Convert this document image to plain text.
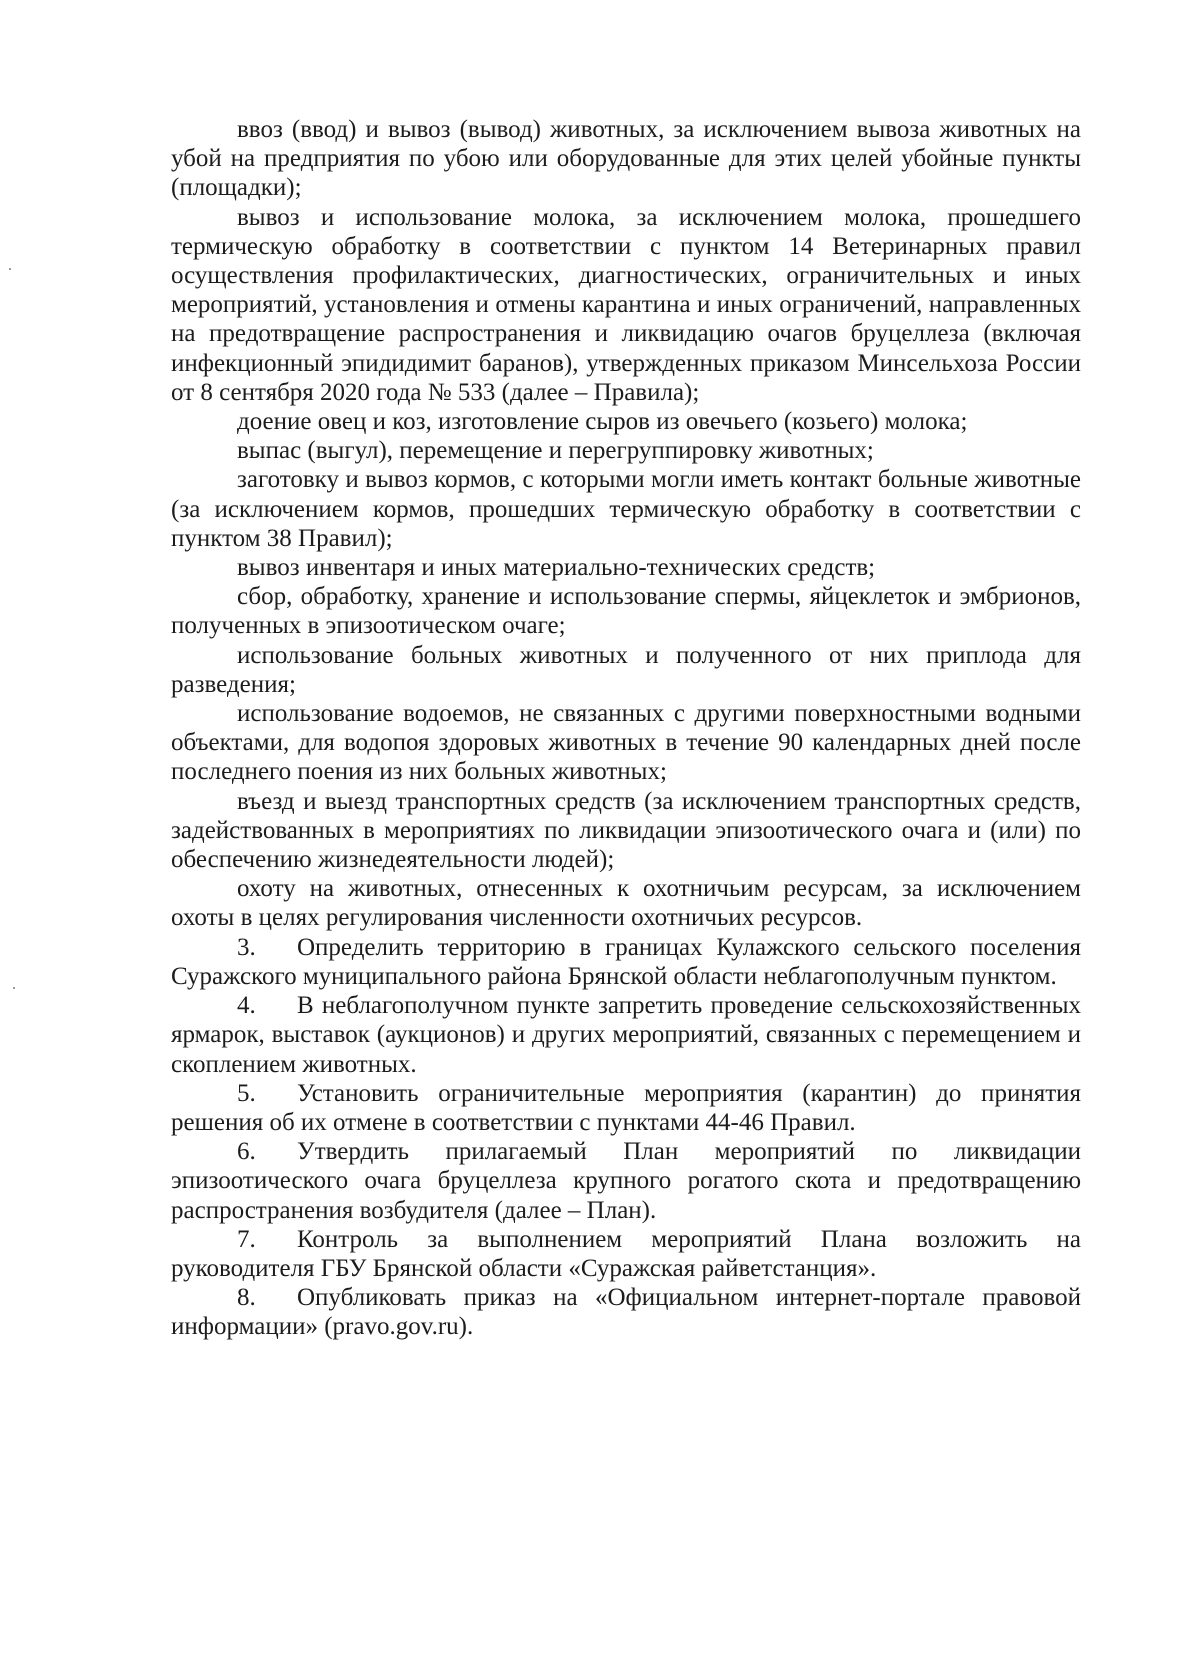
ввоз (ввод) и вывоз (вывод) животных, за исключением вывоза животных на убой на предприятия по убою или оборудованные для этих целей убойные пункты (площадки);

вывоз и использование молока, за исключением молока, прошедшего термическую обработку в соответствии с пунктом 14 Ветеринарных правил осуществления профилактических, диагностических, ограничительных и иных мероприятий, установления и отмены карантина и иных ограничений, направленных на предотвращение распространения и ликвидацию очагов бруцеллеза (включая инфекционный эпидидимит баранов), утвержденных приказом Минсельхоза России от 8 сентября 2020 года № 533 (далее – Правила);

доение овец и коз, изготовление сыров из овечьего (козьего) молока;

выпас (выгул), перемещение и перегруппировку животных;

заготовку и вывоз кормов, с которыми могли иметь контакт больные животные (за исключением кормов, прошедших термическую обработку в соответствии с пунктом 38 Правил);

вывоз инвентаря и иных материально-технических средств;

сбор, обработку, хранение и использование спермы, яйцеклеток и эмбрионов, полученных в эпизоотическом очаге;

использование больных животных и полученного от них приплода для разведения;

использование водоемов, не связанных с другими поверхностными водными объектами, для водопоя здоровых животных в течение 90 календарных дней после последнего поения из них больных животных;

въезд и выезд транспортных средств (за исключением транспортных средств, задействованных в мероприятиях по ликвидации эпизоотического очага и (или) по обеспечению жизнедеятельности людей);

охоту на животных, отнесенных к охотничьим ресурсам, за исключением охоты в целях регулирования численности охотничьих ресурсов.

3. Определить территорию в границах Кулажского сельского поселения Суражского муниципального района Брянской области неблагополучным пунктом.

4. В неблагополучном пункте запретить проведение сельскохозяйственных ярмарок, выставок (аукционов) и других мероприятий, связанных с перемещением и скоплением животных.

5. Установить ограничительные мероприятия (карантин) до принятия решения об их отмене в соответствии с пунктами 44-46 Правил.

6. Утвердить прилагаемый План мероприятий по ликвидации эпизоотического очага бруцеллеза крупного рогатого скота и предотвращению распространения возбудителя (далее – План).

7. Контроль за выполнением мероприятий Плана возложить на руководителя ГБУ Брянской области «Суражская райветстанция».

8. Опубликовать приказ на «Официальном интернет-портале правовой информации» (pravo.gov.ru).
